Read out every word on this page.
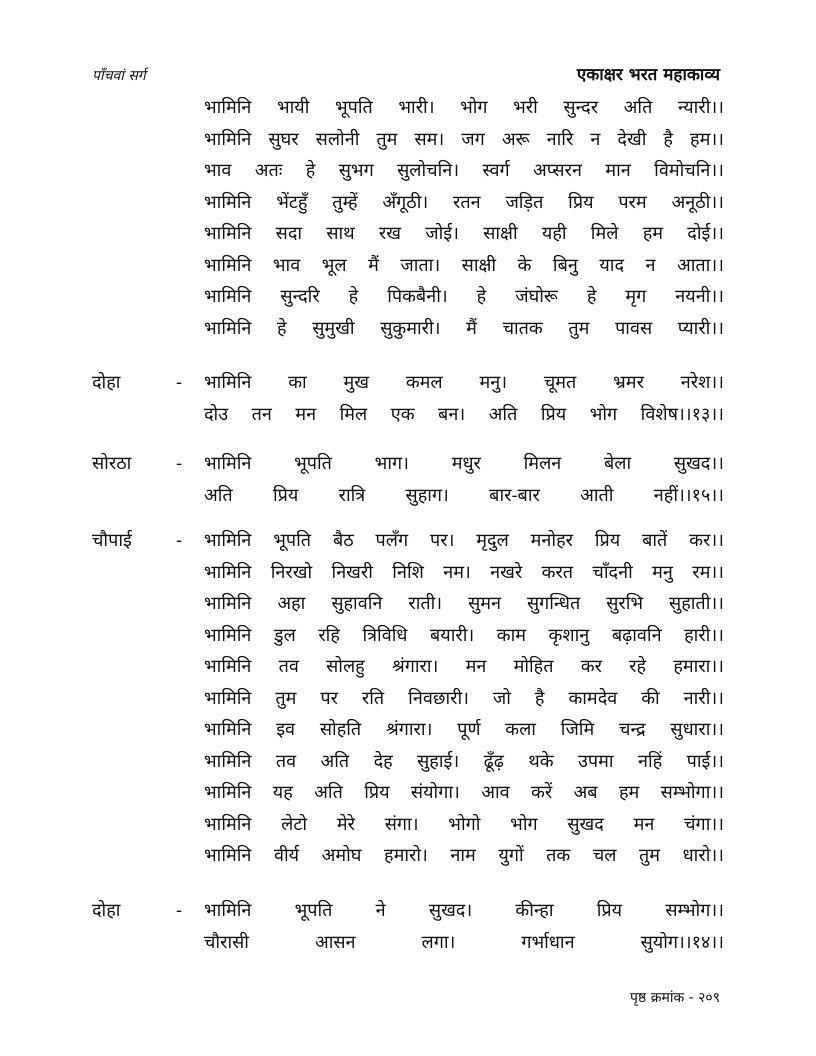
पाँचवां सर्ग	एकाक्षर भरत महाकाव्य
भामिनि भायी भूपति भारी। भोग भरी सुन्दर अति न्यारी।।
भामिनि सुघर सलोनी तुम सम। जग अरू नारि न देखी है हम।।
भाव अतः हे सुभग सुलोचनि। स्वर्ग अप्सरन मान विमोचनि।।
भामिनि भेंटहुँ तुम्हें अँगूठी। रतन जड़ित प्रिय परम अनूठी।।
भामिनि सदा साथ रख जोई। साक्षी यही मिले हम दोई।।
भामिनि भाव भूल मैं जाता। साक्षी के बिनु याद न आता।।
भामिनि सुन्दरि हे पिकबैनी। हे जंघोरू हे मृग नयनी।।
भामिनि हे सुमुखी सुकुमारी। मैं चातक तुम पावस प्यारी।।
दोहा	- भामिनि का मुख कमल मनु। चूमत भ्रमर नरेश।।
दोउ तन मन मिल एक बन। अति प्रिय भोग विशेष।।१३।।
सोरठा - भामिनि भूपति भाग। मधुर मिलन बेला सुखद।।
अति प्रिय रात्रि सुहाग। बार-बार आती नहीं।।१५।।
चौपाई - भामिनि भूपति बैठ पलँग पर। मृदुल मनोहर प्रिय बातें कर।।
भामिनि निरखो निखरी निशि नम। नखरे करत चाँदनी मनु रम।।
भामिनि अहा सुहावनि राती। सुमन सुगन्धित सुरभि सुहाती।।
भामिनि डुल रहि त्रिविधि बयारी। काम कृशानु बढ़ावनि हारी।।
भामिनि तव सोलहु श्रंगारा। मन मोहित कर रहे हमारा।।
भामिनि तुम पर रति निवछारी। जो है कामदेव की नारी।।
भामिनि इव सोहति श्रंगारा। पूर्ण कला जिमि चन्द्र सुधारा।।
भामिनि तव अति देह सुहाई। ढूँढ़ थके उपमा नहिं पाई।।
भामिनि यह अति प्रिय संयोगा। आव करें अब हम सम्भोगा।।
भामिनि लेटो मेरे संगा। भोगो भोग सुखद मन चंगा।।
भामिनि वीर्य अमोघ हमारो। नाम युगों तक चल तुम धारो।।
दोहा	- भामिनि भूपति ने सुखद। कीन्हा प्रिय सम्भोग।।
चौरासी आसन लगा। गर्भाधान सुयोग।।१४।।
पृष्ठ क्रमांक - २०९
